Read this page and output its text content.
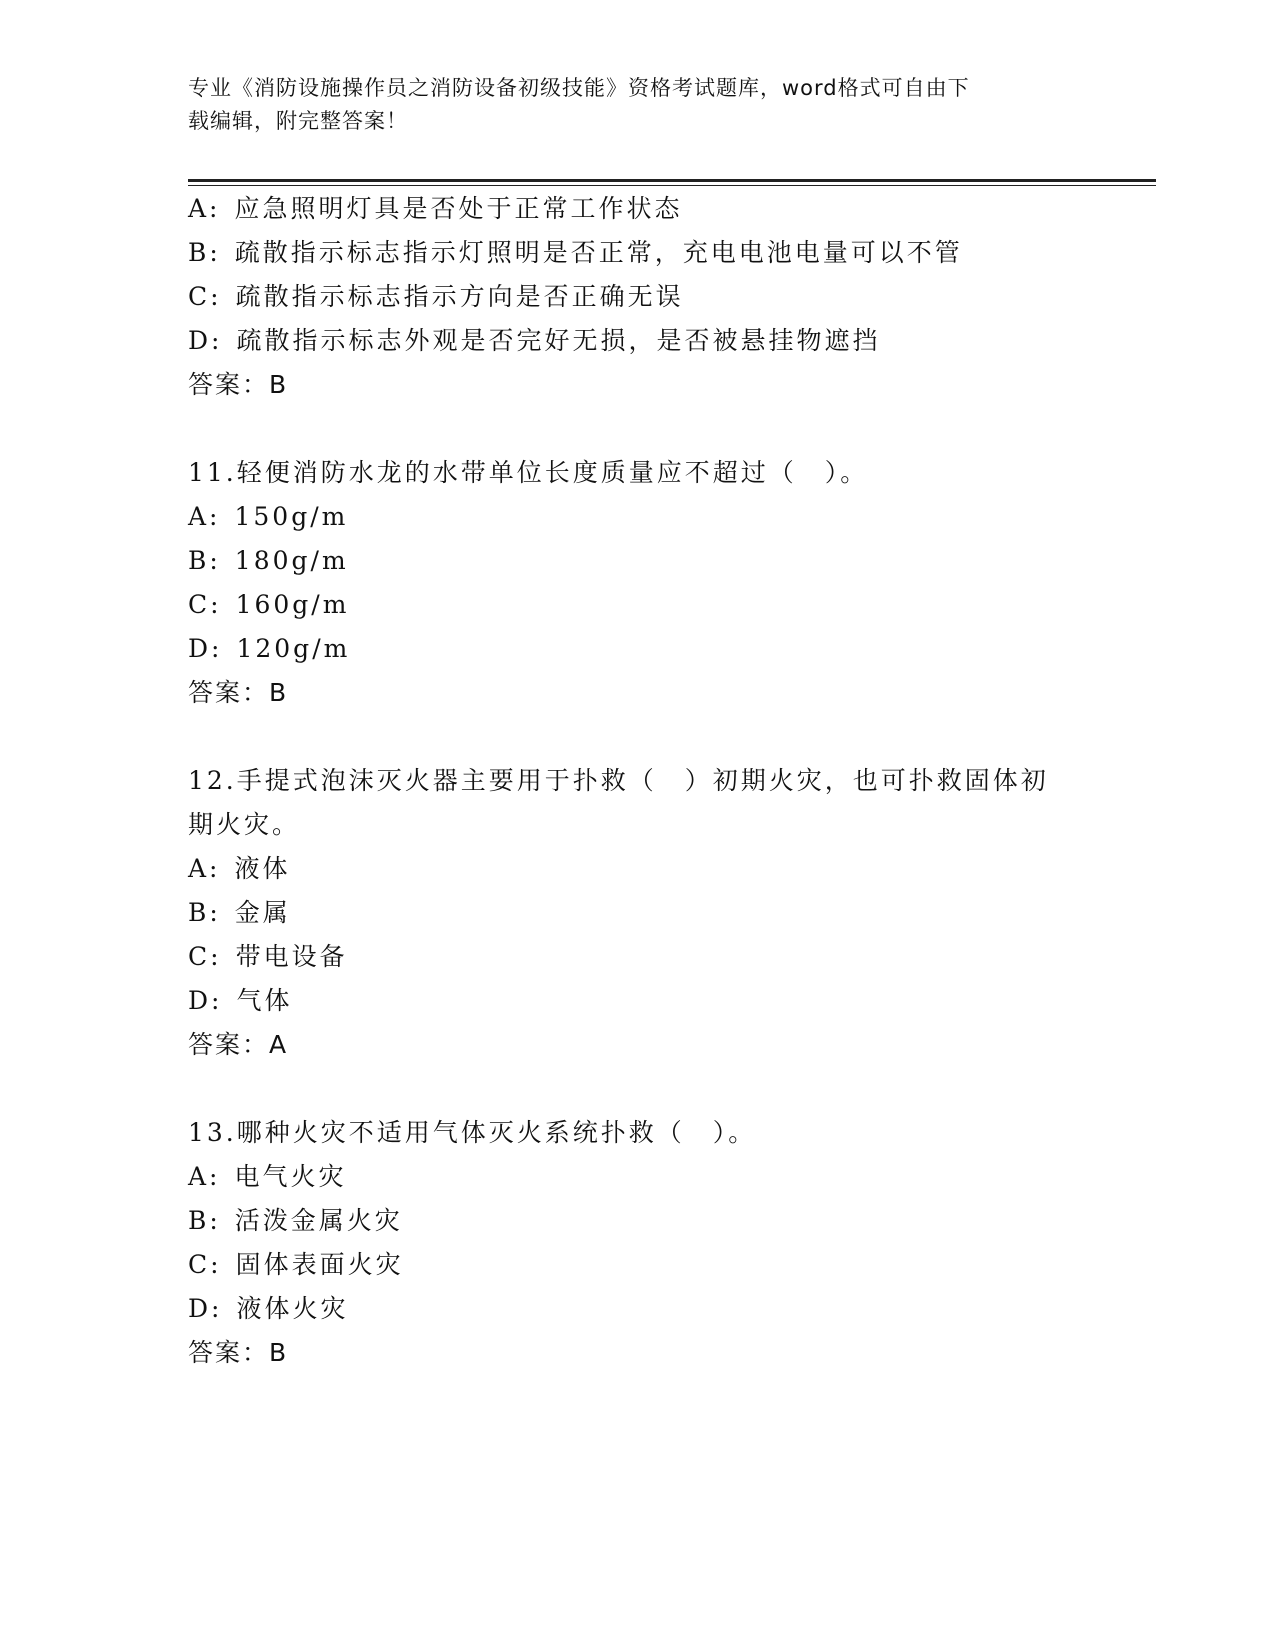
专业《消防设施操作员之消防设备初级技能》资格考试题库，word格式可自由下
载编辑，附完整答案！
A: 应急照明灯具是否处于正常工作状态
B: 疏散指示标志指示灯照明是否正常，充电电池电量可以不管
C: 疏散指示标志指示方向是否正确无误
D: 疏散指示标志外观是否完好无损，是否被悬挂物遮挡
答案：B
11.轻便消防水龙的水带单位长度质量应不超过（　）。
A: 150g/m
B: 180g/m
C: 160g/m
D: 120g/m
答案：B
12.手提式泡沫灭火器主要用于扑救（　）初期火灾，也可扑救固体初
期火灾。
A: 液体
B: 金属
C: 带电设备
D: 气体
答案：A
13.哪种火灾不适用气体灭火系统扑救（　）。
A: 电气火灾
B: 活泼金属火灾
C: 固体表面火灾
D: 液体火灾
答案：B
